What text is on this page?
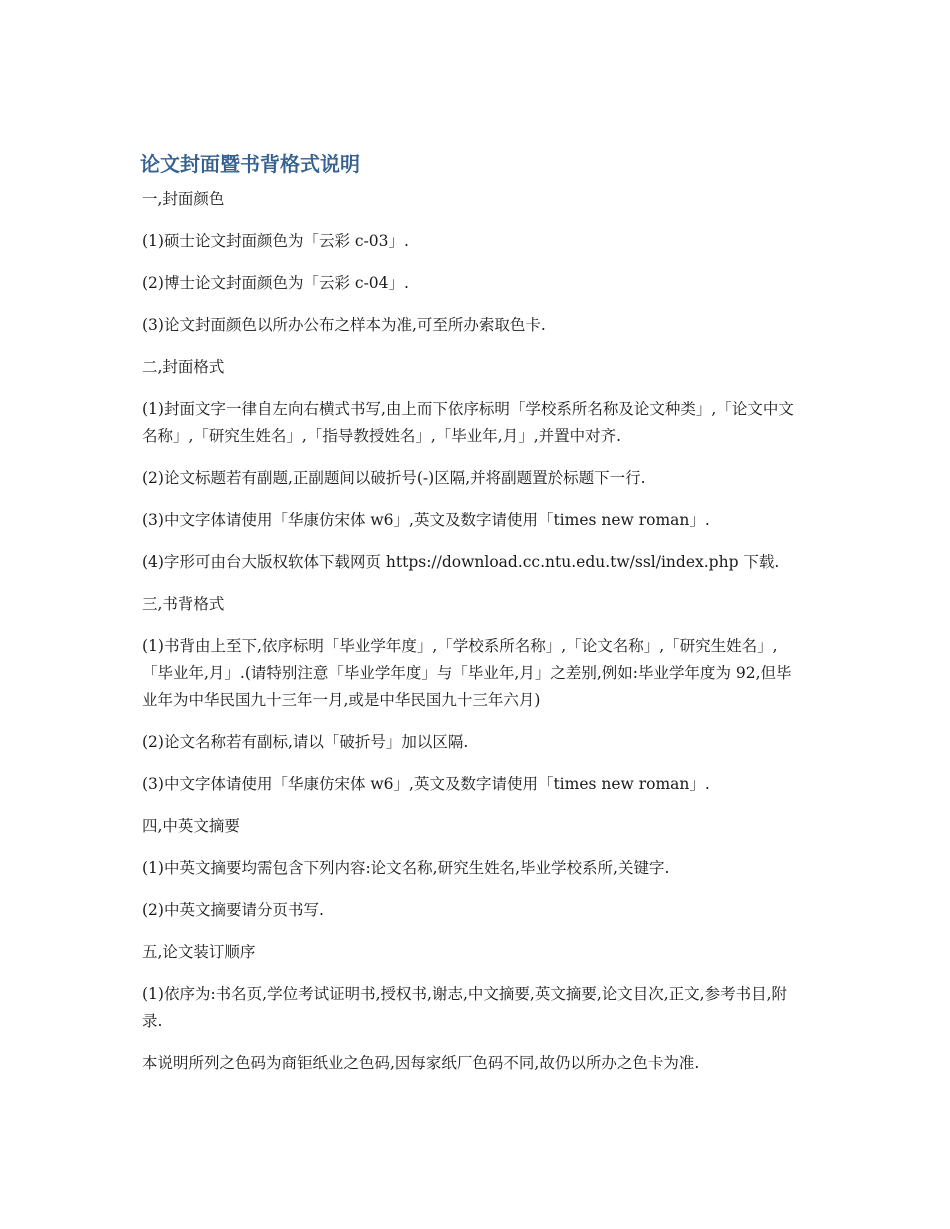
论文封面暨书背格式说明

一,封面颜色

(1)硕士论文封面颜色为「云彩 c-03」.

(2)博士论文封面颜色为「云彩 c-04」.

(3)论文封面颜色以所办公布之样本为准,可至所办索取色卡.

二,封面格式

(1)封面文字一律自左向右横式书写,由上而下依序标明「学校系所名称及论文种类」,「论文中文名称」,「研究生姓名」,「指导教授姓名」,「毕业年,月」,并置中对齐.

(2)论文标题若有副题,正副题间以破折号(-)区隔,并将副题置於标题下一行.

(3)中文字体请使用「华康仿宋体 w6」,英文及数字请使用「times new roman」.

(4)字形可由台大版权软体下载网页 https://download.cc.ntu.edu.tw/ssl/index.php 下载.

三,书背格式

(1)书背由上至下,依序标明「毕业学年度」,「学校系所名称」,「论文名称」,「研究生姓名」,「毕业年,月」.(请特别注意「毕业学年度」与「毕业年,月」之差别,例如:毕业学年度为 92,但毕业年为中华民国九十三年一月,或是中华民国九十三年六月)

(2)论文名称若有副标,请以「破折号」加以区隔.

(3)中文字体请使用「华康仿宋体 w6」,英文及数字请使用「times new roman」.

四,中英文摘要

(1)中英文摘要均需包含下列内容:论文名称,研究生姓名,毕业学校系所,关键字.

(2)中英文摘要请分页书写.

五,论文装订顺序

(1)依序为:书名页,学位考试证明书,授权书,谢志,中文摘要,英文摘要,论文目次,正文,参考书目,附录.

本说明所列之色码为商钜纸业之色码,因每家纸厂色码不同,故仍以所办之色卡为准.
